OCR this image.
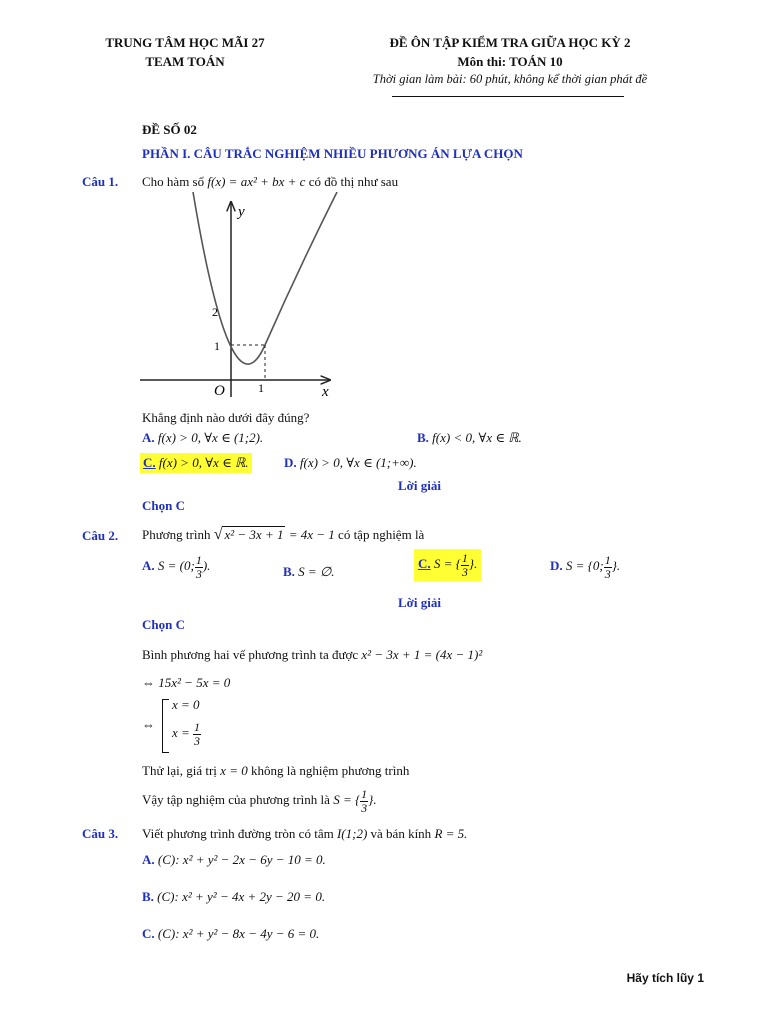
TRUNG TÂM HỌC MÃI 27
TEAM TOÁN
ĐỀ ÔN TẬP KIỂM TRA GIỮA HỌC KỲ 2
Môn thi: TOÁN 10
Thời gian làm bài: 60 phút, không kể thời gian phát đề
ĐỀ SỐ 02
PHẦN I. CÂU TRẮC NGHIỆM NHIỀU PHƯƠNG ÁN LỰA CHỌN
Câu 1. Cho hàm số f(x) = ax² + bx + c có đồ thị như sau
y
x
O
2
1
1
Khẳng định nào dưới đây đúng?
A. f(x) > 0, ∀x ∈ (1;2).	B. f(x) < 0, ∀x ∈ ℝ.
C. f(x) > 0, ∀x ∈ ℝ.	D. f(x) > 0, ∀x ∈ (1;+∞).
Lời giải
Chọn C
Câu 2. Phương trình √ x² − 3x + 1 = 4x − 1 có tập nghiệm là
A. S = (0; $\frac{1}{3}$ ).	B. S = ∅.
C. S = { $\frac{1}{3}$ }.	D. S = {0; $\frac{1}{3}$ }.
Lời giải
Chọn C
Bình phương hai vế phương trình ta được x² − 3x + 1 = (4x − 1)²
⇔ 15x² − 5x = 0
⇔
x = 0
$x = \frac{1}{3}$
Thử lại, giá trị x = 0 không là nghiệm phương trình
Vậy tập nghiệm của phương trình là S = { $\frac{1}{3}$ }.
Câu 3. Viết phương trình đường tròn có tâm I(1;2) và bán kính R = 5.
A. (C): x² + y² − 2x − 6y − 10 = 0.
B. (C): x² + y² − 4x + 2y − 20 = 0.
C. (C): x² + y² − 8x − 4y − 6 = 0.
Hãy tích lũy 1
